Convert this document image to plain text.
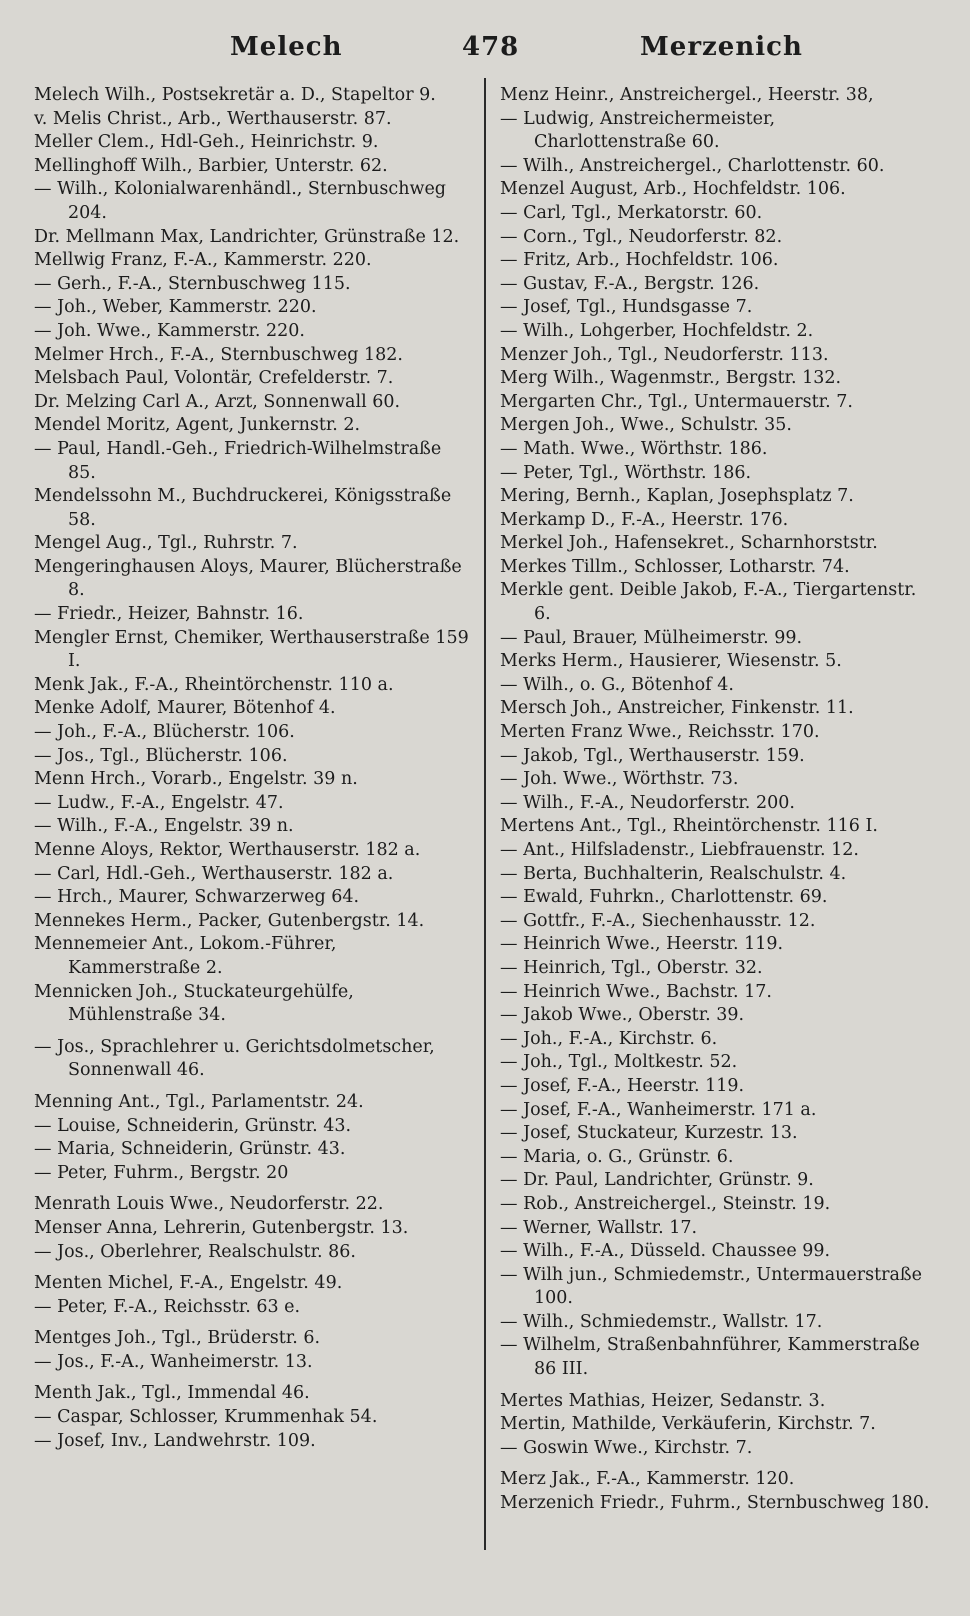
Melech	478	Merzenich

Melech Wilh., Postsekretär a. D., Stapeltor 9.

v. Melis Christ., Arb., Werthauserstr. 87.

Meller Clem., Hdl-Geh., Heinrichstr. 9.

Mellinghoff Wilh., Barbier, Unterstr. 62.

— Wilh., Kolonialwarenhändl., Sternbuschweg 204.

Dr. Mellmann Max, Landrichter, Grünstraße 12.

Mellwig Franz, F.-A., Kammerstr. 220.

— Gerh., F.-A., Sternbuschweg 115.

— Joh., Weber, Kammerstr. 220.

— Joh. Wwe., Kammerstr. 220.

Melmer Hrch., F.-A., Sternbuschweg 182.

Melsbach Paul, Volontär, Crefelderstr. 7.

Dr. Melzing Carl A., Arzt, Sonnenwall 60.

Mendel Moritz, Agent, Junkernstr. 2.

— Paul, Handl.-Geh., Friedrich-Wilhelmstraße 85.

Mendelssohn M., Buchdruckerei, Königsstraße 58.

Mengel Aug., Tgl., Ruhrstr. 7.

Mengeringhausen Aloys, Maurer, Blücherstraße 8.

— Friedr., Heizer, Bahnstr. 16.

Mengler Ernst, Chemiker, Werthauserstraße 159 I.

Menk Jak., F.-A., Rheintörchenstr. 110 a.

Menke Adolf, Maurer, Bötenhof 4.

— Joh., F.-A., Blücherstr. 106.

— Jos., Tgl., Blücherstr. 106.

Menn Hrch., Vorarb., Engelstr. 39 n.

— Ludw., F.-A., Engelstr. 47.

— Wilh., F.-A., Engelstr. 39 n.

Menne Aloys, Rektor, Werthauserstr. 182 a.

— Carl, Hdl.-Geh., Werthauserstr. 182 a.

— Hrch., Maurer, Schwarzerweg 64.

Mennekes Herm., Packer, Gutenbergstr. 14.

Mennemeier Ant., Lokom.-Führer, Kammerstraße 2.

Mennicken Joh., Stuckateurgehülfe, Mühlenstraße 34.

— Jos., Sprachlehrer u. Gerichtsdolmetscher, Sonnenwall 46.

Menning Ant., Tgl., Parlamentstr. 24.

— Louise, Schneiderin, Grünstr. 43.

— Maria, Schneiderin, Grünstr. 43.

— Peter, Fuhrm., Bergstr. 20

Menrath Louis Wwe., Neudorferstr. 22.

Menser Anna, Lehrerin, Gutenbergstr. 13.

— Jos., Oberlehrer, Realschulstr. 86.

Menten Michel, F.-A., Engelstr. 49.

— Peter, F.-A., Reichsstr. 63 e.

Mentges Joh., Tgl., Brüderstr. 6.

— Jos., F.-A., Wanheimerstr. 13.

Menth Jak., Tgl., Immendal 46.

— Caspar, Schlosser, Krummenhak 54.

— Josef, Inv., Landwehrstr. 109.

Menz Heinr., Anstreichergel., Heerstr. 38,

— Ludwig, Anstreichermeister, Charlottenstraße 60.

— Wilh., Anstreichergel., Charlottenstr. 60.

Menzel August, Arb., Hochfeldstr. 106.

— Carl, Tgl., Merkatorstr. 60.

— Corn., Tgl., Neudorferstr. 82.

— Fritz, Arb., Hochfeldstr. 106.

— Gustav, F.-A., Bergstr. 126.

— Josef, Tgl., Hundsgasse 7.

— Wilh., Lohgerber, Hochfeldstr. 2.

Menzer Joh., Tgl., Neudorferstr. 113.

Merg Wilh., Wagenmstr., Bergstr. 132.

Mergarten Chr., Tgl., Untermauerstr. 7.

Mergen Joh., Wwe., Schulstr. 35.

— Math. Wwe., Wörthstr. 186.

— Peter, Tgl., Wörthstr. 186.

Mering, Bernh., Kaplan, Josephsplatz 7.

Merkamp D., F.-A., Heerstr. 176.

Merkel Joh., Hafensekret., Scharnhorststr.

Merkes Tillm., Schlosser, Lotharstr. 74.

Merkle gent. Deible Jakob, F.-A., Tiergartenstr. 6.

— Paul, Brauer, Mülheimerstr. 99.

Merks Herm., Hausierer, Wiesenstr. 5.

— Wilh., o. G., Bötenhof 4.

Mersch Joh., Anstreicher, Finkenstr. 11.

Merten Franz Wwe., Reichsstr. 170.

— Jakob, Tgl., Werthauserstr. 159.

— Joh. Wwe., Wörthstr. 73.

— Wilh., F.-A., Neudorferstr. 200.

Mertens Ant., Tgl., Rheintörchenstr. 116 I.

— Ant., Hilfsladenstr., Liebfrauenstr. 12.

— Berta, Buchhalterin, Realschulstr. 4.

— Ewald, Fuhrkn., Charlottenstr. 69.

— Gottfr., F.-A., Siechenhausstr. 12.

— Heinrich Wwe., Heerstr. 119.

— Heinrich, Tgl., Oberstr. 32.

— Heinrich Wwe., Bachstr. 17.

— Jakob Wwe., Oberstr. 39.

— Joh., F.-A., Kirchstr. 6.

— Joh., Tgl., Moltkestr. 52.

— Josef, F.-A., Heerstr. 119.

— Josef, F.-A., Wanheimerstr. 171 a.

— Josef, Stuckateur, Kurzestr. 13.

— Maria, o. G., Grünstr. 6.

— Dr. Paul, Landrichter, Grünstr. 9.

— Rob., Anstreichergel., Steinstr. 19.

— Werner, Wallstr. 17.

— Wilh., F.-A., Düsseld. Chaussee 99.

— Wilh jun., Schmiedemstr., Untermauerstraße 100.

— Wilh., Schmiedemstr., Wallstr. 17.

— Wilhelm, Straßenbahnführer, Kammerstraße 86 III.

Mertes Mathias, Heizer, Sedanstr. 3.

Mertin, Mathilde, Verkäuferin, Kirchstr. 7.

— Goswin Wwe., Kirchstr. 7.

Merz Jak., F.-A., Kammerstr. 120.

Merzenich Friedr., Fuhrm., Sternbuschweg 180.
